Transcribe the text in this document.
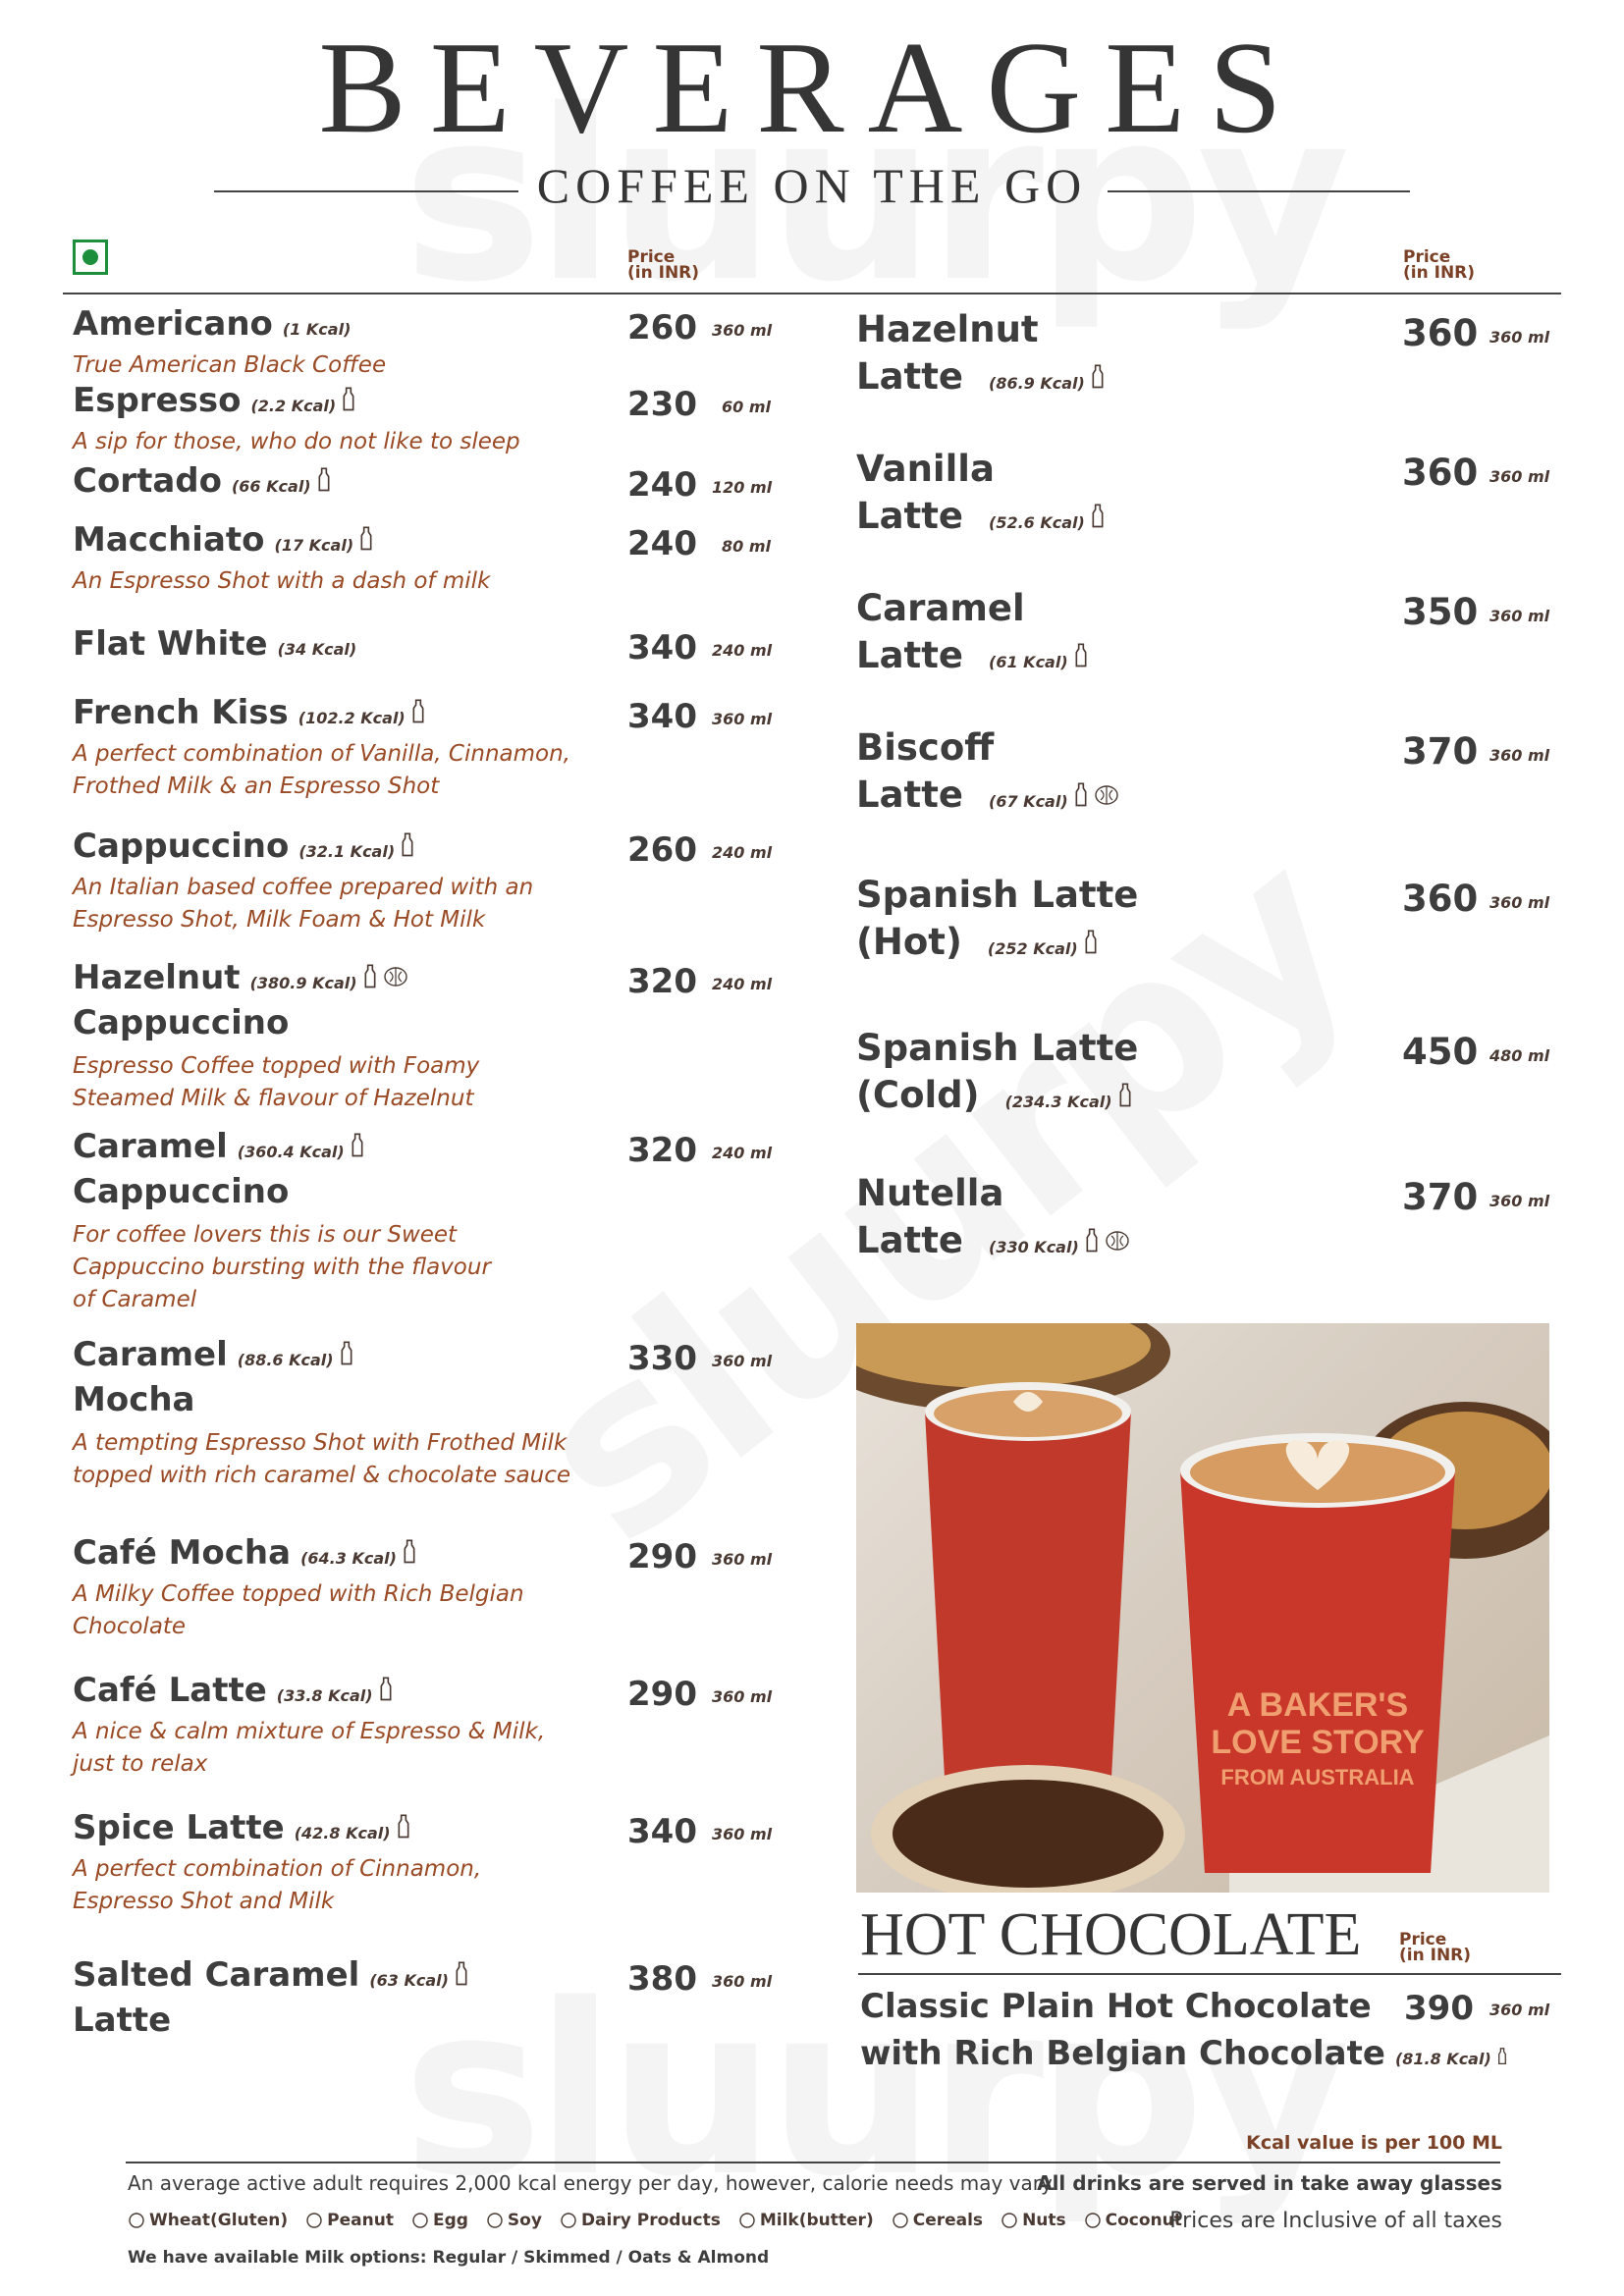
BEVERAGES
COFFEE ON THE GO
Price
(in INR)
Price
(in INR)
Americano (1 Kcal)	260 360 ml
True American Black Coffee
Espresso (2.2 Kcal)	230 60 ml
A sip for those, who do not like to sleep
Cortado (66 Kcal)	240 120 ml
Macchiato (17 Kcal)	240 80 ml
An Espresso Shot with a dash of milk
Flat White (34 Kcal)	340 240 ml
French Kiss (102.2 Kcal)	340 360 ml
A perfect combination of Vanilla, Cinnamon,
Frothed Milk & an Espresso Shot
Cappuccino (32.1 Kcal)	260 240 ml
An Italian based coffee prepared with an
Espresso Shot, Milk Foam & Hot Milk
Hazelnut (380.9 Kcal)
Cappuccino
320 240 ml
Espresso Coffee topped with Foamy
Steamed Milk & flavour of Hazelnut
Caramel (360.4 Kcal)
Cappuccino
320 240 ml
For coffee lovers this is our Sweet
Cappuccino bursting with the flavour
of Caramel
Caramel (88.6 Kcal)
Mocha
330 360 ml
A tempting Espresso Shot with Frothed Milk
topped with rich caramel & chocolate sauce
Café Mocha (64.3 Kcal)	290 360 ml
A Milky Coffee topped with Rich Belgian
Chocolate
Café Latte (33.8 Kcal)	290 360 ml
A nice & calm mixture of Espresso & Milk,
just to relax
Spice Latte (42.8 Kcal)	340 360 ml
A perfect combination of Cinnamon,
Espresso Shot and Milk
Salted Caramel (63 Kcal)
Latte
380 360 ml
Hazelnut
Latte (86.9 Kcal)
360 360 ml
Vanilla
Latte (52.6 Kcal)
360 360 ml
Caramel
Latte (61 Kcal)
350 360 ml
Biscoff
Latte (67 Kcal)
370 360 ml
Spanish Latte
(Hot) (252 Kcal)
360 360 ml
Spanish Latte
(Cold) (234.3 Kcal)
450 480 ml
Nutella
Latte (330 Kcal)
370 360 ml
A BAKER'S
LOVE STORY
FROM AUSTRALIA
HOT CHOCOLATE Price
(in INR)
Classic Plain Hot Chocolate
with Rich Belgian Chocolate (81.8 Kcal)
390 360 ml
Kcal value is per 100 ML
An average active adult requires 2,000 kcal energy per day, however, calorie needs may vary.
All drinks are served in take away glasses
Wheat(Gluten) Peanut Egg Soy Dairy Products Milk(butter) Cereals Nuts Coconut
Prices are Inclusive of all taxes
We have available Milk options: Regular / Skimmed / Oats & Almond
